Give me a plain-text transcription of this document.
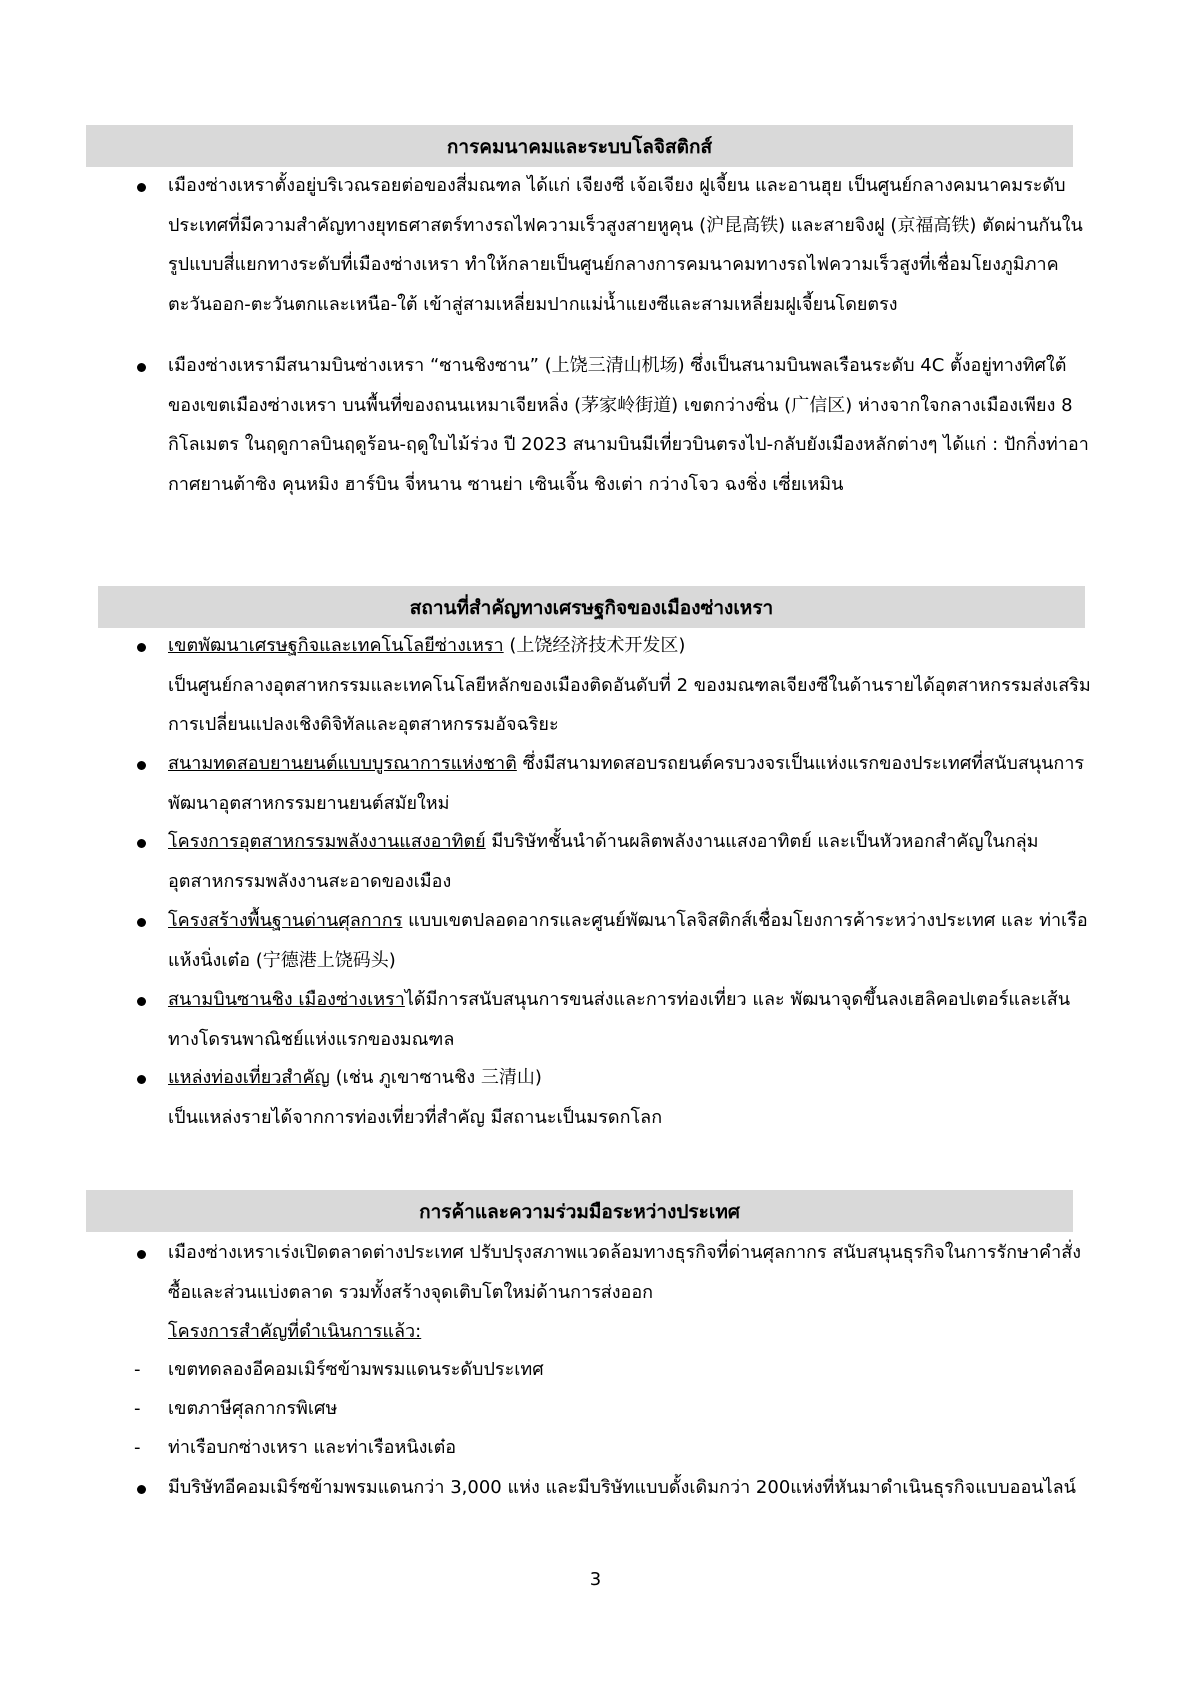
การคมนาคมและระบบโลจิสติกส์
เมืองซ่างเหราตั้งอยู่บริเวณรอยต่อของสี่มณฑล ได้แก่ เจียงซี เจ้อเจียง ฝูเจี้ยน และอานฮุย เป็นศูนย์กลางคมนาคมระดับประเทศที่มีความสำคัญทางยุทธศาสตร์ทางรถไฟความเร็วสูงสายหูคุน (沪昆高铁) และสายจิงฝู (京福高铁) ตัดผ่านกันในรูปแบบสี่แยกทางระดับที่เมืองซ่างเหรา ทำให้กลายเป็นศูนย์กลางการคมนาคมทางรถไฟความเร็วสูงที่เชื่อมโยงภูมิภาคตะวันออก-ตะวันตกและเหนือ-ใต้ เข้าสู่สามเหลี่ยมปากแม่น้ำแยงซีและสามเหลี่ยมฝูเจี้ยนโดยตรง
เมืองซ่างเหรามีสนามบินซ่างเหรา “ซานชิงซาน” (上饶三清山机场) ซึ่งเป็นสนามบินพลเรือนระดับ 4C ตั้งอยู่ทางทิศใต้ของเขตเมืองซ่างเหรา บนพื้นที่ของถนนเหมาเจียหลิ่ง (茅家岭街道) เขตกว่างซิ่น (广信区) ห่างจากใจกลางเมืองเพียง 8 กิโลเมตร ในฤดูกาลบินฤดูร้อน-ฤดูใบไม้ร่วง ปี 2023 สนามบินมีเที่ยวบินตรงไป-กลับยังเมืองหลักต่างๆ ได้แก่ : ปักกิ่งท่าอากาศยานต้าซิง คุนหมิง ฮาร์บิน จี่หนาน ซานย่า เซินเจิ้น ชิงเต่า กว่างโจว ฉงชิ่ง เซี่ยเหมิน
สถานที่สำคัญทางเศรษฐกิจของเมืองซ่างเหรา
เขตพัฒนาเศรษฐกิจและเทคโนโลยีซ่างเหรา (上饶经济技术开发区)
เป็นศูนย์กลางอุตสาหกรรมและเทคโนโลยีหลักของเมืองติดอันดับที่ 2 ของมณฑลเจียงซีในด้านรายได้อุตสาหกรรมส่งเสริมการเปลี่ยนแปลงเชิงดิจิทัลและอุตสาหกรรมอัจฉริยะ
สนามทดสอบยานยนต์แบบบูรณาการแห่งชาติ ซึ่งมีสนามทดสอบรถยนต์ครบวงจรเป็นแห่งแรกของประเทศที่สนับสนุนการพัฒนาอุตสาหกรรมยานยนต์สมัยใหม่
โครงการอุตสาหกรรมพลังงานแสงอาทิตย์ มีบริษัทชั้นนำด้านผลิตพลังงานแสงอาทิตย์ และเป็นหัวหอกสำคัญในกลุ่มอุตสาหกรรมพลังงานสะอาดของเมือง
โครงสร้างพื้นฐานด่านศุลกากร แบบเขตปลอดอากรและศูนย์พัฒนาโลจิสติกส์เชื่อมโยงการค้าระหว่างประเทศ และ ท่าเรือแห้งนิ่งเต๋อ (宁德港上饶码头)
สนามบินซานชิง เมืองซ่างเหราได้มีการสนับสนุนการขนส่งและการท่องเที่ยว และ พัฒนาจุดขึ้นลงเฮลิคอปเตอร์และเส้นทางโดรนพาณิชย์แห่งแรกของมณฑล
แหล่งท่องเที่ยวสำคัญ (เช่น ภูเขาซานชิง 三清山)
เป็นแหล่งรายได้จากการท่องเที่ยวที่สำคัญ มีสถานะเป็นมรดกโลก
การค้าและความร่วมมือระหว่างประเทศ
เมืองซ่างเหราเร่งเปิดตลาดต่างประเทศ ปรับปรุงสภาพแวดล้อมทางธุรกิจที่ด่านศุลกากร สนับสนุนธุรกิจในการรักษาคำสั่งซื้อและส่วนแบ่งตลาด รวมทั้งสร้างจุดเติบโตใหม่ด้านการส่งออก
โครงการสำคัญที่ดำเนินการแล้ว:
- เขตทดลองอีคอมเมิร์ซข้ามพรมแดนระดับประเทศ
- เขตภาษีศุลกากรพิเศษ
- ท่าเรือบกซ่างเหรา และท่าเรือหนิงเต๋อ
มีบริษัทอีคอมเมิร์ซข้ามพรมแดนกว่า 3,000 แห่ง และมีบริษัทแบบดั้งเดิมกว่า 200แห่งที่หันมาดำเนินธุรกิจแบบออนไลน์
3
